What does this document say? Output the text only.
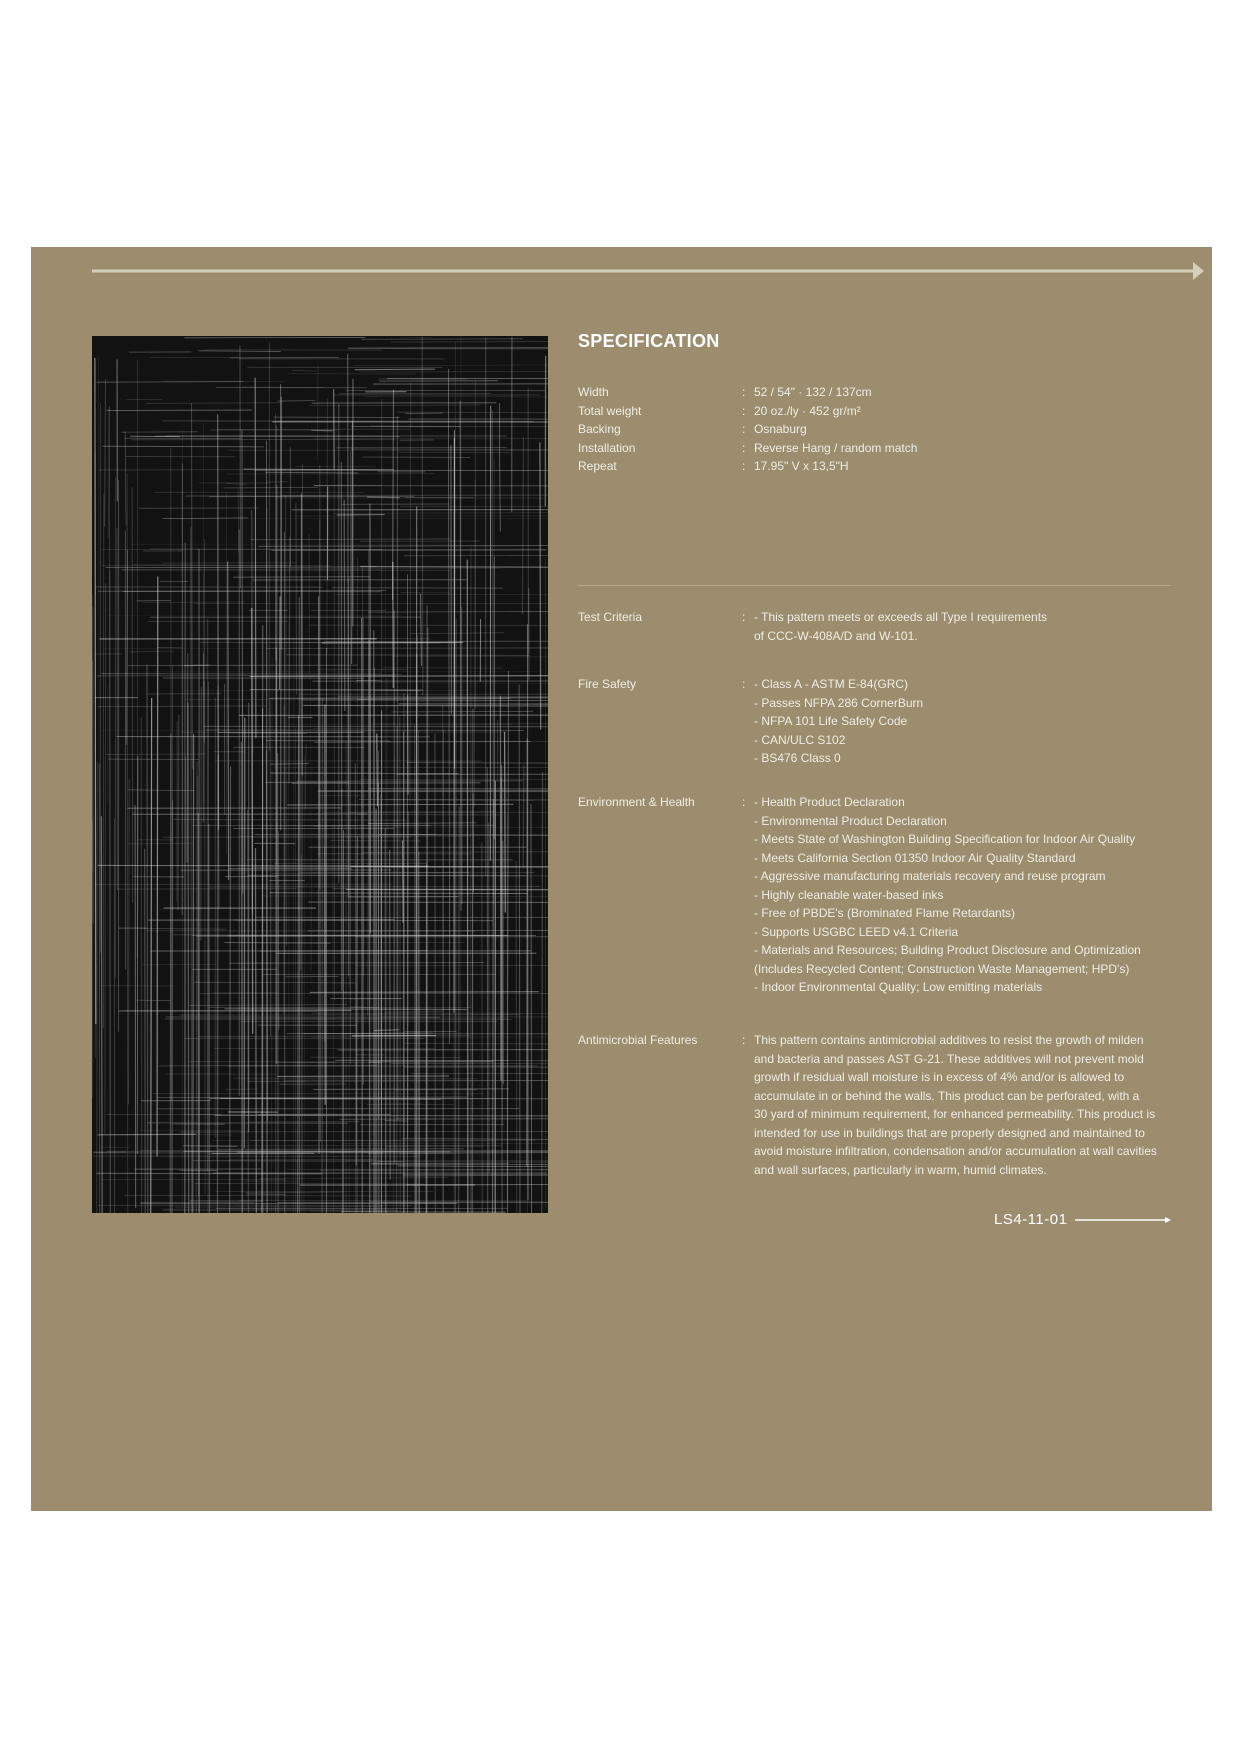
SPECIFICATION
Width	: 52 / 54" · 132 / 137cm
Total weight	: 20 oz./ly · 452 gr/m²
Backing	: Osnaburg
Installation	: Reverse Hang / random match
Repeat	: 17.95" V x 13,5"H
Test Criteria	: - This pattern meets or exceeds all Type I requirements
of CCC-W-408A/D and W-101.
Fire Safety	: - Class A - ASTM E-84(GRC)
- Passes NFPA 286 CornerBurn
- NFPA 101 Life Safety Code
- CAN/ULC S102
- BS476 Class 0
Environment & Health	: - Health Product Declaration
- Environmental Product Declaration
- Meets State of Washington Building Specification for Indoor Air Quality
- Meets California Section 01350 Indoor Air Quality Standard
- Aggressive manufacturing materials recovery and reuse program
- Highly cleanable water-based inks
- Free of PBDE's (Brominated Flame Retardants)
- Supports USGBC LEED v4.1 Criteria
- Materials and Resources; Building Product Disclosure and Optimization
(Includes Recycled Content; Construction Waste Management; HPD's)
- Indoor Environmental Quality; Low emitting materials
Antimicrobial Features	: This pattern contains antimicrobial additives to resist the growth of milden
and bacteria and passes AST G-21. These additives will not prevent mold
growth if residual wall moisture is in excess of 4% and/or is allowed to
accumulate in or behind the walls. This product can be perforated, with a
30 yard of minimum requirement, for enhanced permeability. This product is
intended for use in buildings that are properly designed and maintained to
avoid moisture infiltration, condensation and/or accumulation at wall cavities
and wall surfaces, particularly in warm, humid climates.
LS4-11-01
